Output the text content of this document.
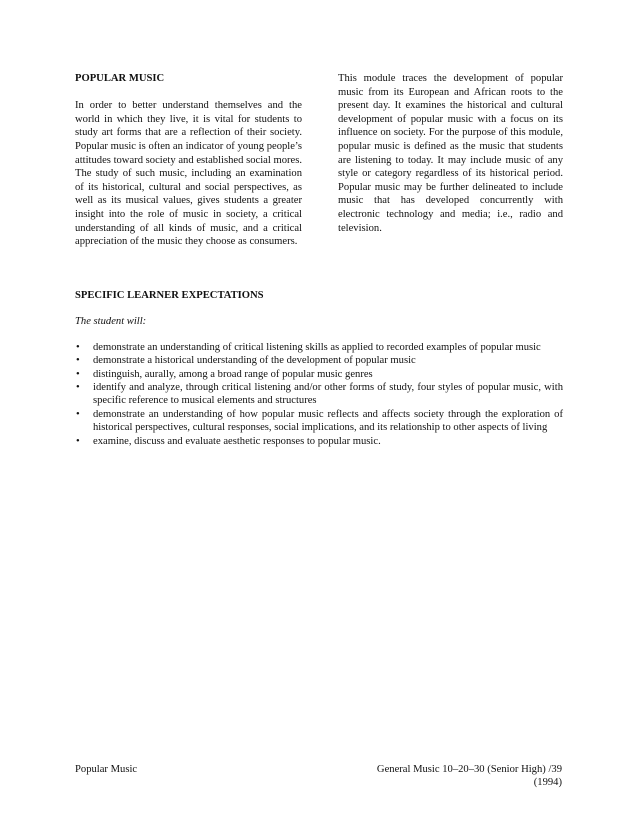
POPULAR MUSIC

In order to better understand themselves and the world in which they live, it is vital for students to study art forms that are a reflection of their society. Popular music is often an indicator of young people’s attitudes toward society and established social mores. The study of such music, including an examination of its historical, cultural and social perspectives, as well as its musical values, gives students a greater insight into the role of music in society, a critical understanding of all kinds of music, and a critical appreciation of the music they choose as consumers.

This module traces the development of popular music from its European and African roots to the present day. It examines the historical and cultural development of popular music with a focus on its influence on society. For the purpose of this module, popular music is defined as the music that students are listening to today. It may include music of any style or category regardless of its historical period. Popular music may be further delineated to include music that has developed concurrently with electronic technology and media; i.e., radio and television.

SPECIFIC LEARNER EXPECTATIONS

The student will:

• demonstrate an understanding of critical listening skills as applied to recorded examples of popular music
• demonstrate a historical understanding of the development of popular music
• distinguish, aurally, among a broad range of popular music genres
• identify and analyze, through critical listening and/or other forms of study, four styles of popular music, with specific reference to musical elements and structures
• demonstrate an understanding of how popular music reflects and affects society through the exploration of historical perspectives, cultural responses, social implications, and its relationship to other aspects of living
• examine, discuss and evaluate aesthetic responses to popular music.
Popular Music	General Music 10–20–30 (Senior High) /39
(1994)
